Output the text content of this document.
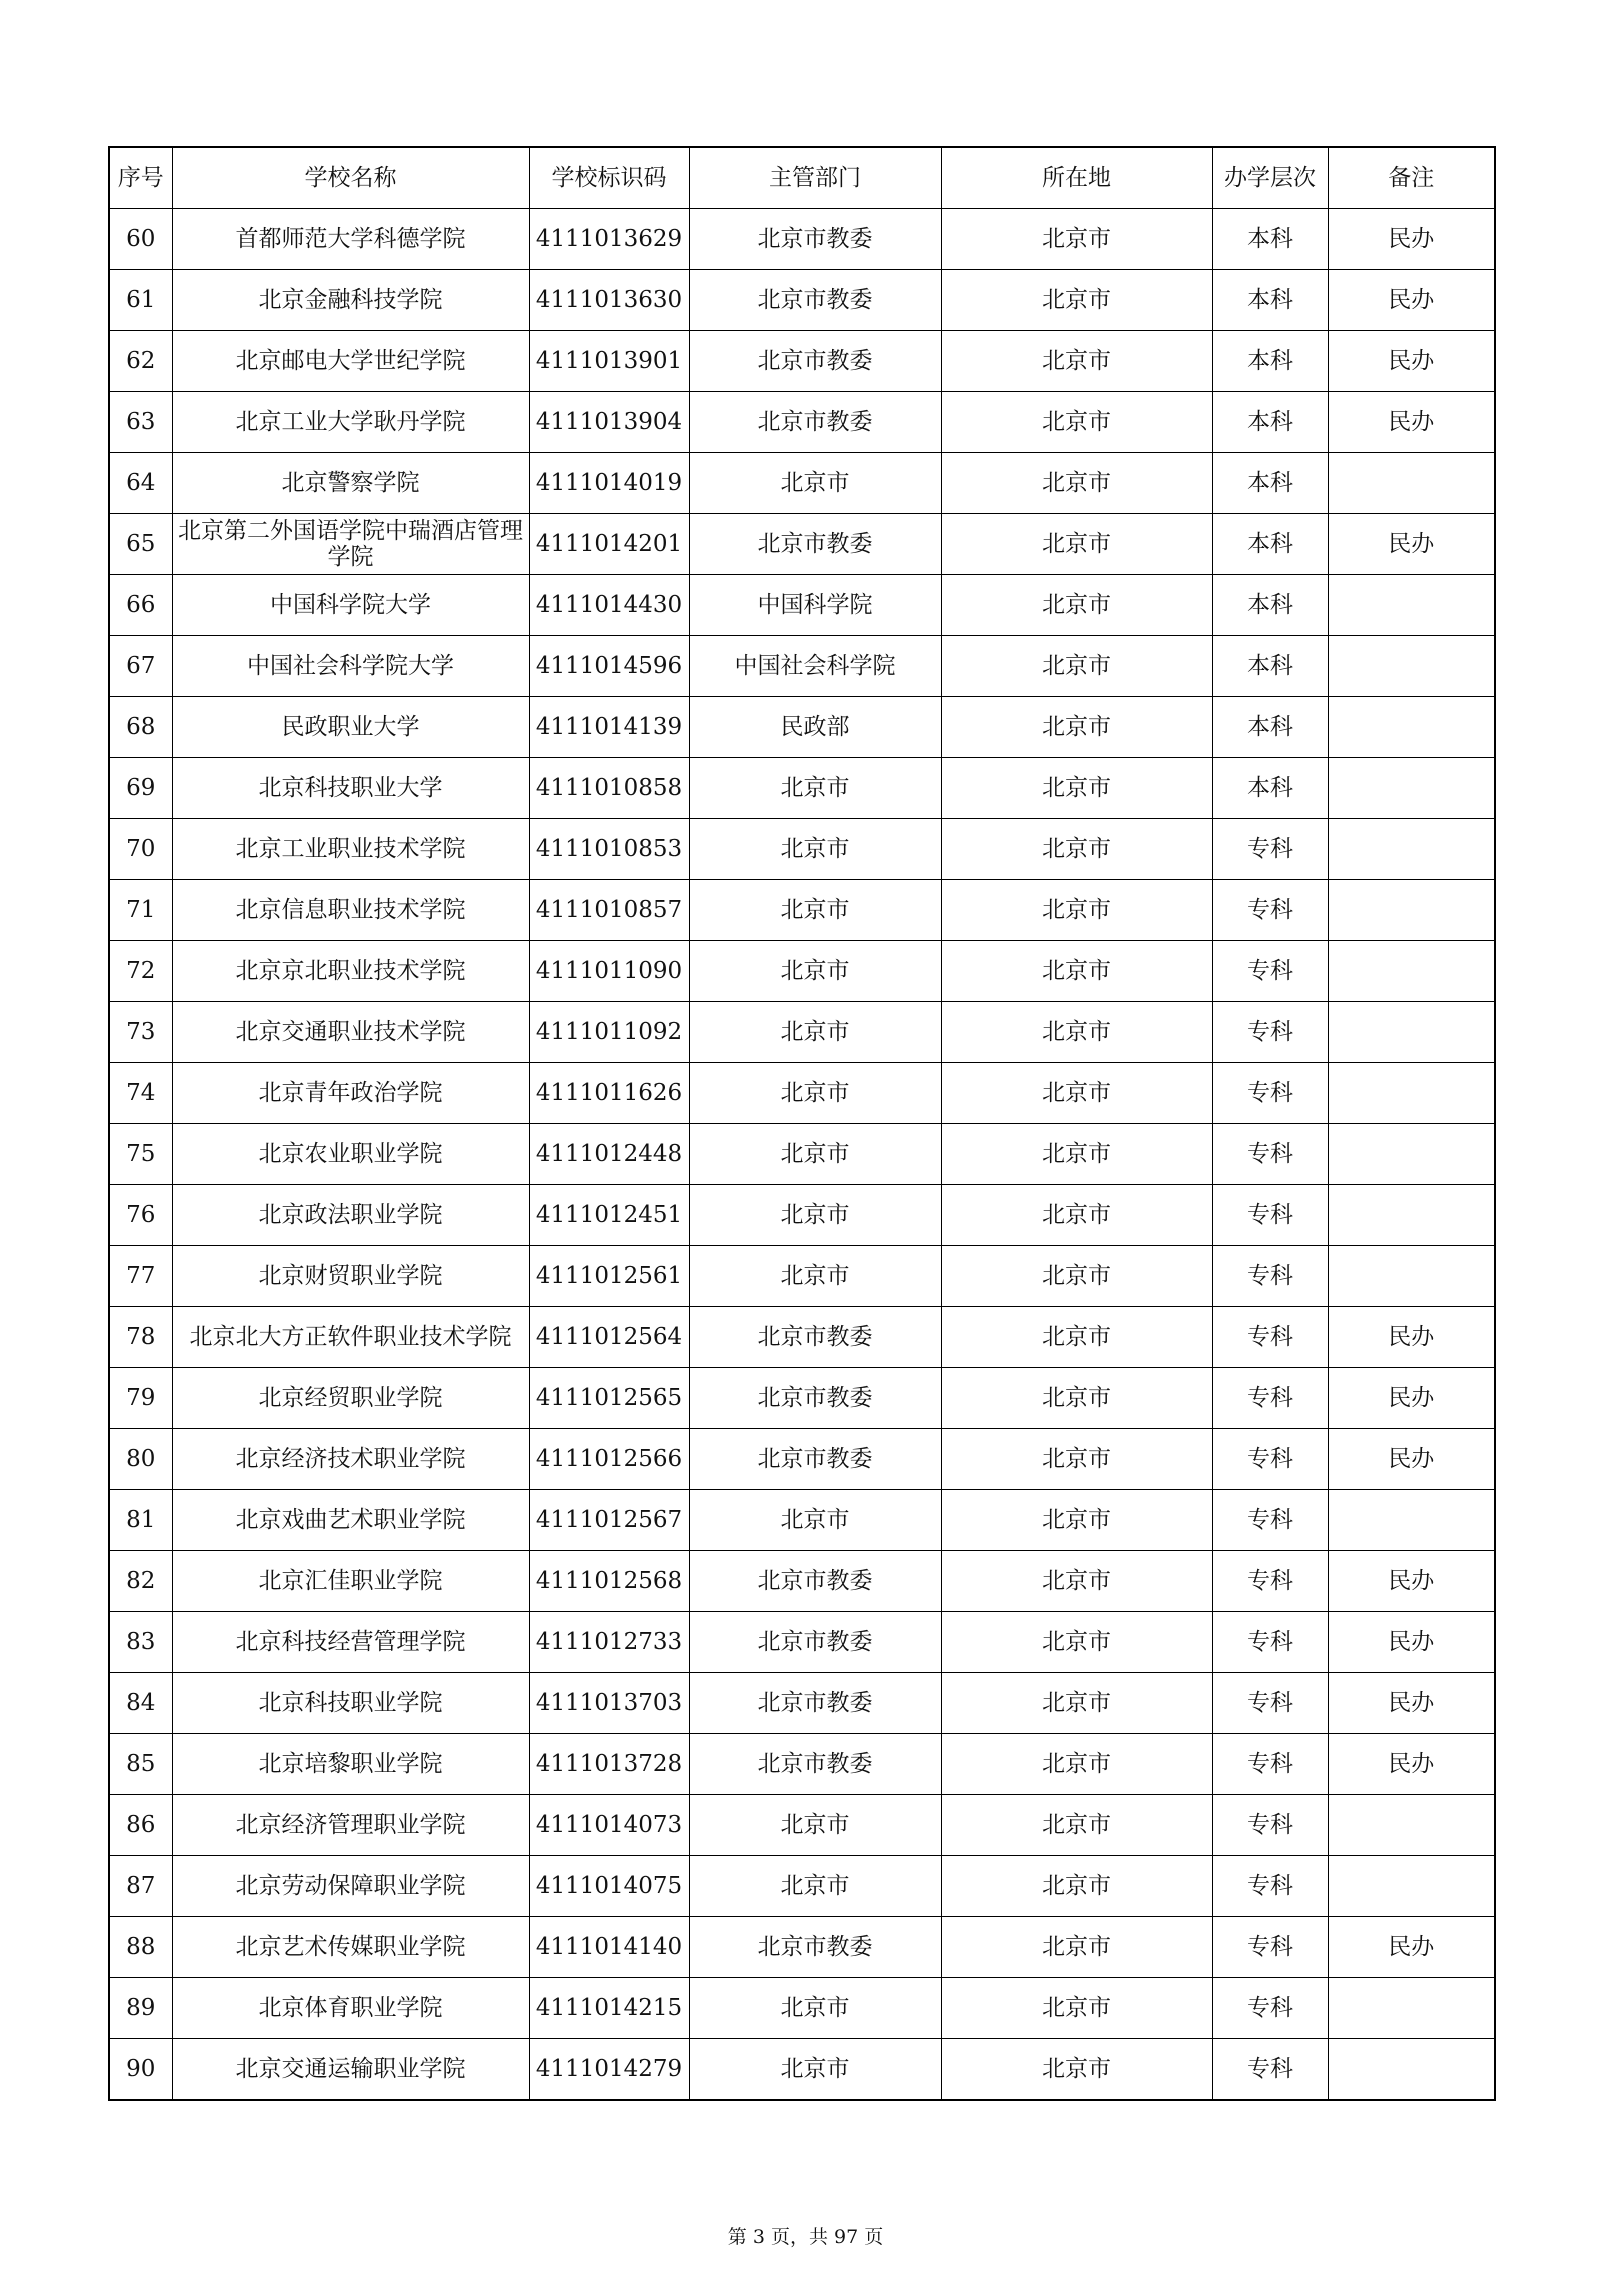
序号	学校名称	学校标识码	主管部门	所在地	办学层次	备注
60	首都师范大学科德学院	4111013629	北京市教委	北京市	本科	民办
61	北京金融科技学院	4111013630	北京市教委	北京市	本科	民办
62	北京邮电大学世纪学院	4111013901	北京市教委	北京市	本科	民办
63	北京工业大学耿丹学院	4111013904	北京市教委	北京市	本科	民办
64	北京警察学院	4111014019	北京市	北京市	本科	
65	北京第二外国语学院中瑞酒店管理学院	4111014201	北京市教委	北京市	本科	民办
66	中国科学院大学	4111014430	中国科学院	北京市	本科	
67	中国社会科学院大学	4111014596	中国社会科学院	北京市	本科	
68	民政职业大学	4111014139	民政部	北京市	本科	
69	北京科技职业大学	4111010858	北京市	北京市	本科	
70	北京工业职业技术学院	4111010853	北京市	北京市	专科	
71	北京信息职业技术学院	4111010857	北京市	北京市	专科	
72	北京京北职业技术学院	4111011090	北京市	北京市	专科	
73	北京交通职业技术学院	4111011092	北京市	北京市	专科	
74	北京青年政治学院	4111011626	北京市	北京市	专科	
75	北京农业职业学院	4111012448	北京市	北京市	专科	
76	北京政法职业学院	4111012451	北京市	北京市	专科	
77	北京财贸职业学院	4111012561	北京市	北京市	专科	
78	北京北大方正软件职业技术学院	4111012564	北京市教委	北京市	专科	民办
79	北京经贸职业学院	4111012565	北京市教委	北京市	专科	民办
80	北京经济技术职业学院	4111012566	北京市教委	北京市	专科	民办
81	北京戏曲艺术职业学院	4111012567	北京市	北京市	专科	
82	北京汇佳职业学院	4111012568	北京市教委	北京市	专科	民办
83	北京科技经营管理学院	4111012733	北京市教委	北京市	专科	民办
84	北京科技职业学院	4111013703	北京市教委	北京市	专科	民办
85	北京培黎职业学院	4111013728	北京市教委	北京市	专科	民办
86	北京经济管理职业学院	4111014073	北京市	北京市	专科	
87	北京劳动保障职业学院	4111014075	北京市	北京市	专科	
88	北京艺术传媒职业学院	4111014140	北京市教委	北京市	专科	民办
89	北京体育职业学院	4111014215	北京市	北京市	专科	
90	北京交通运输职业学院	4111014279	北京市	北京市	专科	
第 3 页，共 97 页
